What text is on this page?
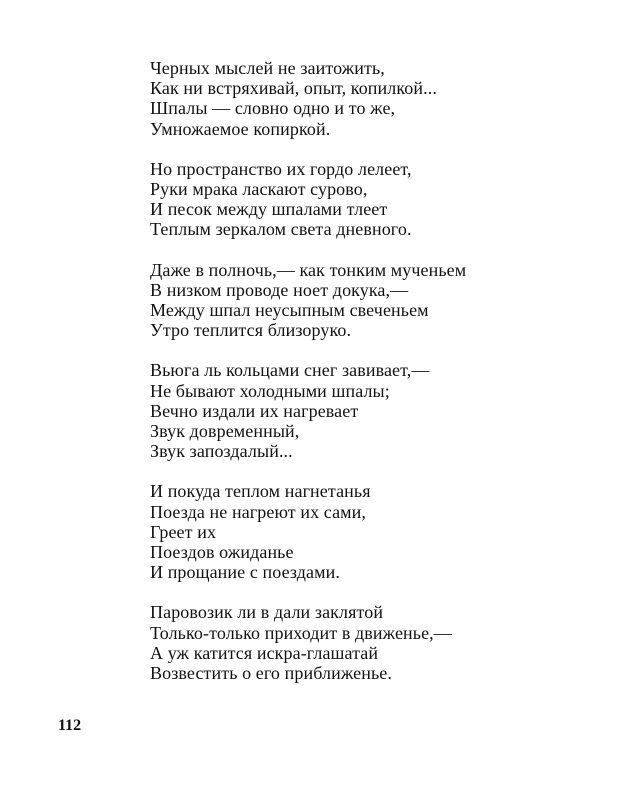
Черных мыслей не заитожить,
Как ни встряхивай, опыт, копилкой...
Шпалы — словно одно и то же,
Умножаемое копиркой.
Но пространство их гордо лелеет,
Руки мрака ласкают сурово,
И песок между шпалами тлеет
Теплым зеркалом света дневного.
Даже в полночь,— как тонким мученьем
В низком проводе ноет докука,—
Между шпал неусыпным свеченьем
Утро теплится близоруко.
Вьюга ль кольцами снег завивает,—
Не бывают холодными шпалы;
Вечно издали их нагревает
Звук довременный,
Звук запоздалый...
И покуда теплом нагнетанья
Поезда не нагреют их сами,
Греет их
Поездов ожиданье
И прощание с поездами.
Паровозик ли в дали заклятой
Только-только приходит в движенье,—
А уж катится искра-глашатай
Возвестить о его приближенье.
112
